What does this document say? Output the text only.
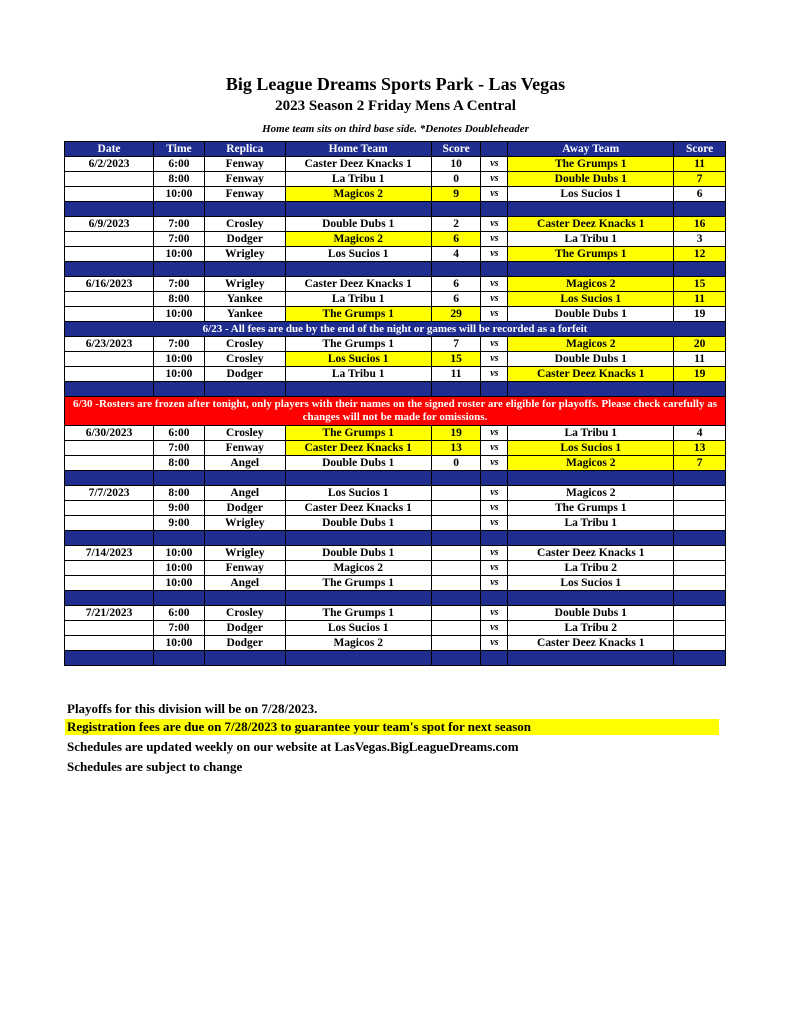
Big League Dreams Sports Park - Las Vegas
2023 Season 2 Friday Mens A Central
Home team sits on third base side. *Denotes Doubleheader
Date	Time	Replica	Home Team	Score		Away Team	Score
6/2/2023	6:00	Fenway	Caster Deez Knacks 1	10	vs	The Grumps 1	11
	8:00	Fenway	La Tribu 1	0	vs	Double Dubs 1	7
	10:00	Fenway	Magicos 2	9	vs	Los Sucios 1	6

6/9/2023	7:00	Crosley	Double Dubs 1	2	vs	Caster Deez Knacks 1	16
	7:00	Dodger	Magicos 2	6	vs	La Tribu 1	3
	10:00	Wrigley	Los Sucios 1	4	vs	The Grumps 1	12

6/16/2023	7:00	Wrigley	Caster Deez Knacks 1	6	vs	Magicos 2	15
	8:00	Yankee	La Tribu 1	6	vs	Los Sucios 1	11
	10:00	Yankee	The Grumps 1	29	vs	Double Dubs 1	19
6/23 - All fees are due by the end of the night or games will be recorded as a forfeit							
6/23/2023	7:00	Crosley	The Grumps 1	7	vs	Magicos 2	20
	10:00	Crosley	Los Sucios 1	15	vs	Double Dubs 1	11
	10:00	Dodger	La Tribu 1	11	vs	Caster Deez Knacks 1	19

6/30 -Rosters are frozen after tonight, only players with their names on the signed roster are eligible for playoffs. Please check carefully as changes will not be made for omissions.							
6/30/2023	6:00	Crosley	The Grumps 1	19	vs	La Tribu 1	4
	7:00	Fenway	Caster Deez Knacks 1	13	vs	Los Sucios 1	13
	8:00	Angel	Double Dubs 1	0	vs	Magicos 2	7

7/7/2023	8:00	Angel	Los Sucios 1		vs	Magicos 2	
	9:00	Dodger	Caster Deez Knacks 1		vs	The Grumps 1	
	9:00	Wrigley	Double Dubs 1		vs	La Tribu 1	

7/14/2023	10:00	Wrigley	Double Dubs 1		vs	Caster Deez Knacks 1	
	10:00	Fenway	Magicos 2		vs	La Tribu 2	
	10:00	Angel	The Grumps 1		vs	Los Sucios 1	

7/21/2023	6:00	Crosley	The Grumps 1		vs	Double Dubs 1	
	7:00	Dodger	Los Sucios 1		vs	La Tribu 2	
	10:00	Dodger	Magicos 2		vs	Caster Deez Knacks 1	

Playoffs for this division will be on 7/28/2023.
Registration fees are due on 7/28/2023 to guarantee your team's spot for next season
Schedules are updated weekly on our website at LasVegas.BigLeagueDreams.com
Schedules are subject to change
